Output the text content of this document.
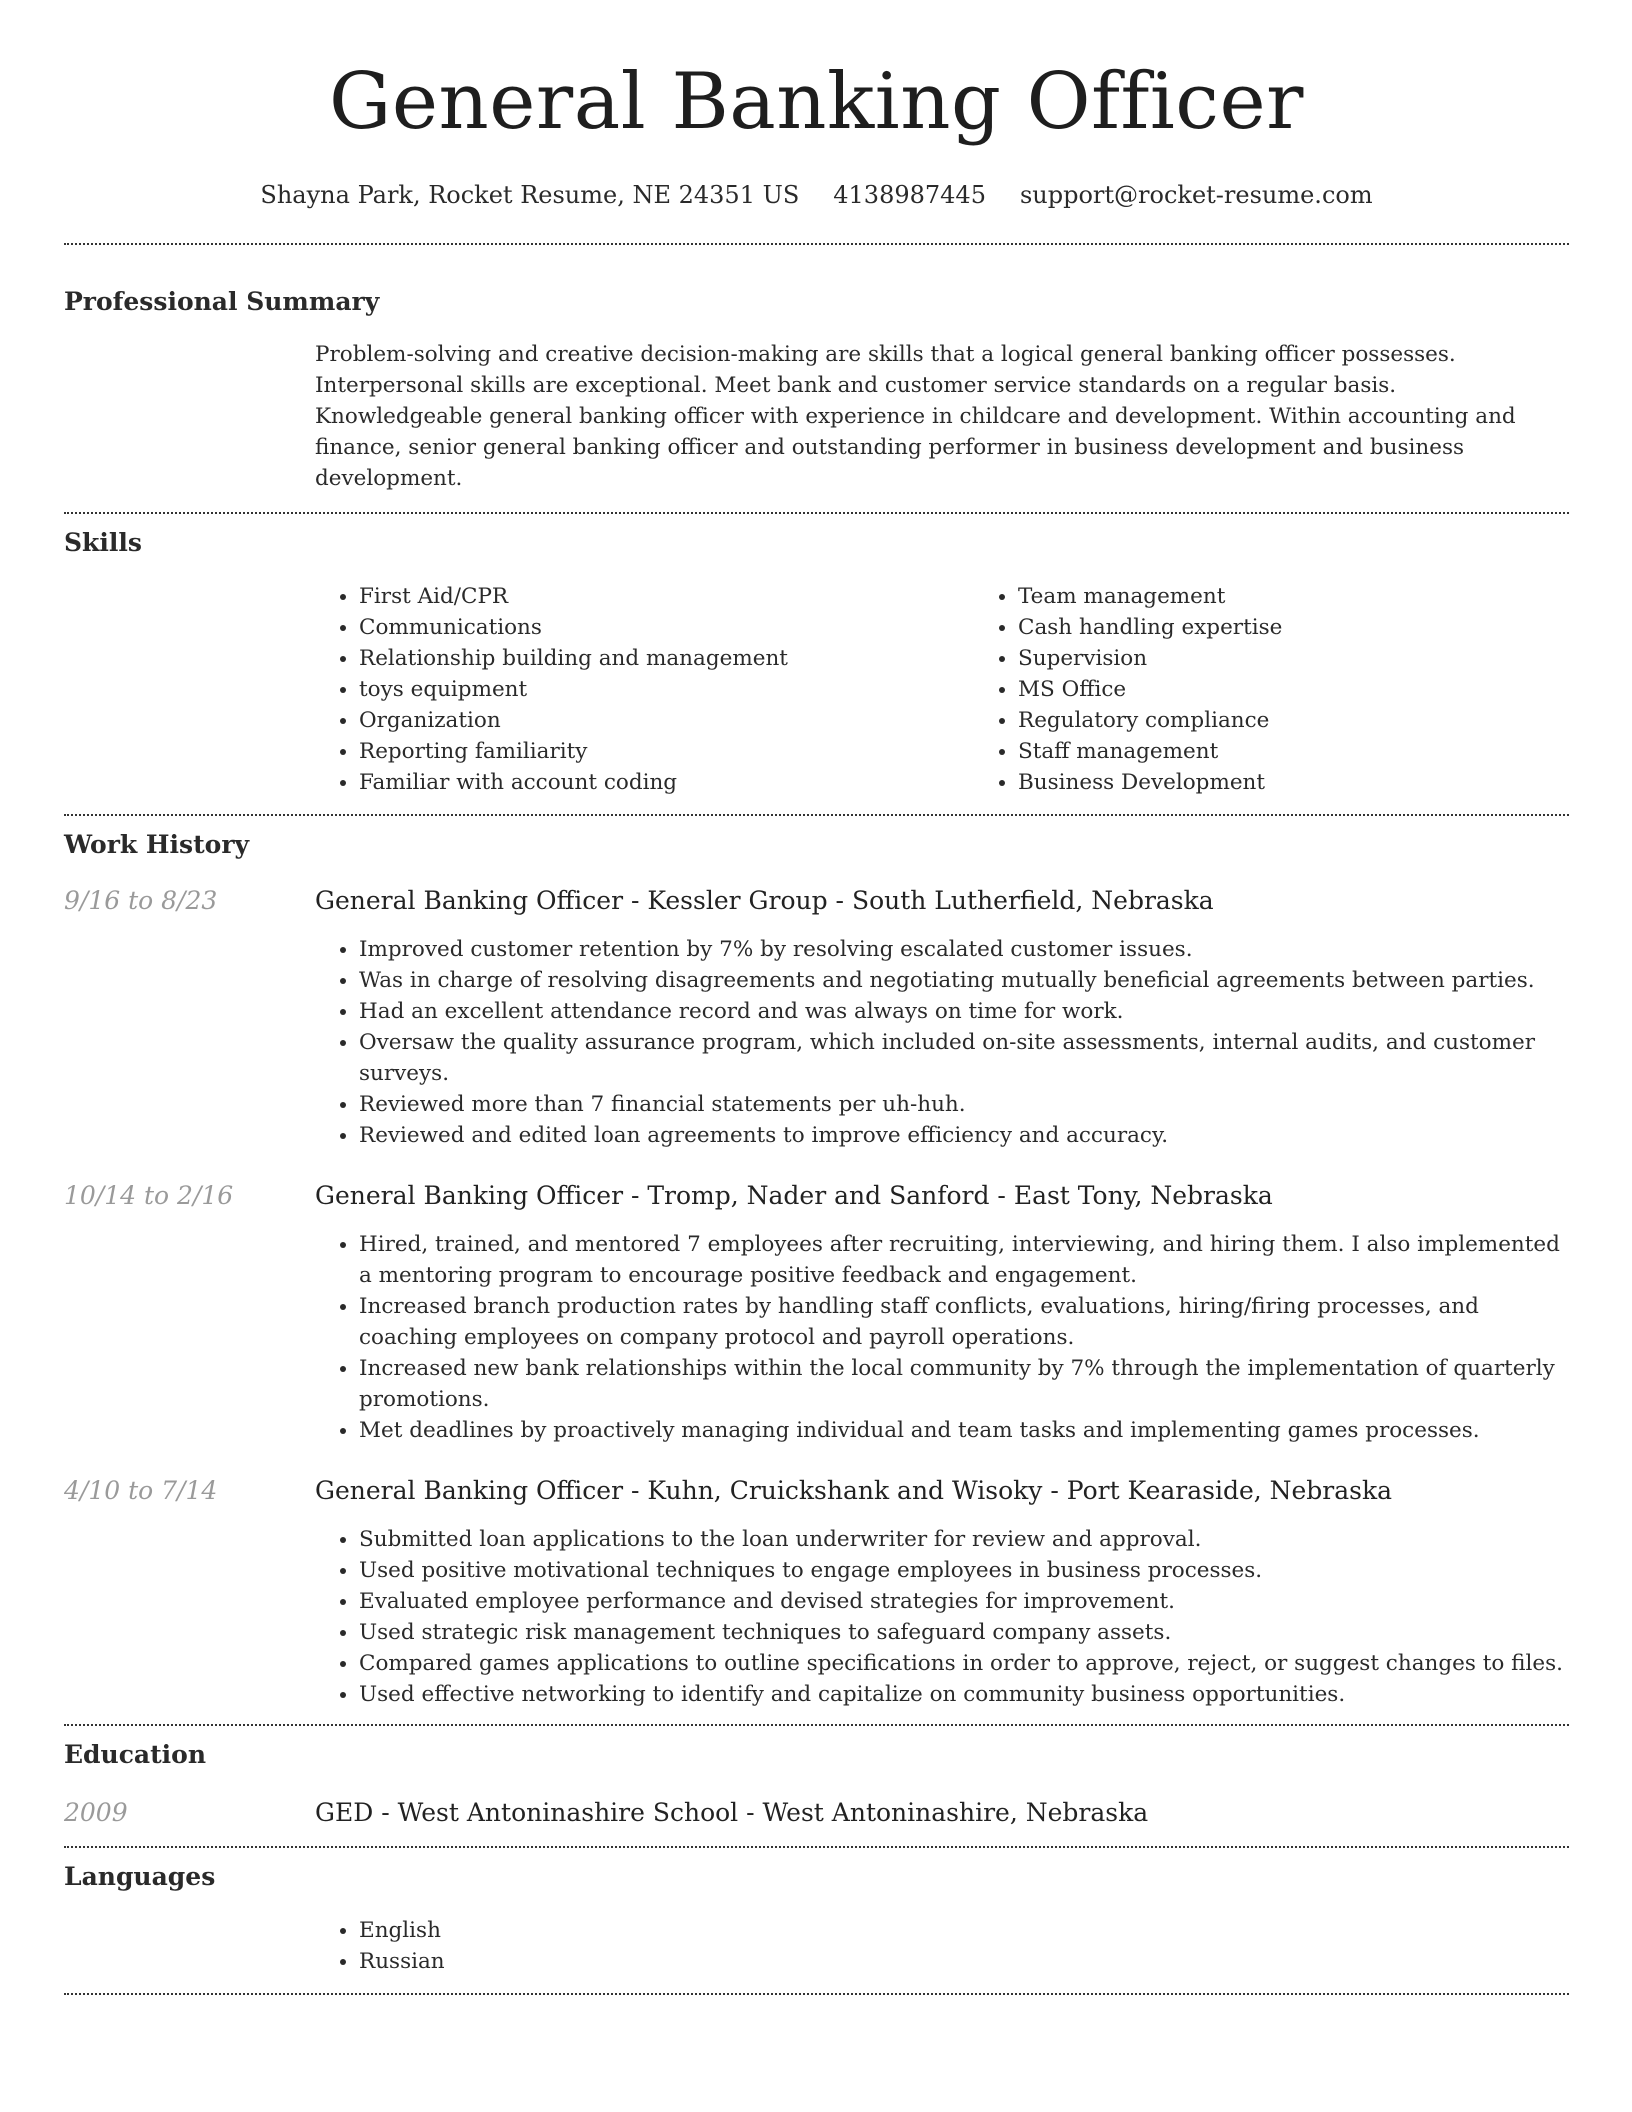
General Banking Officer
Shayna Park, Rocket Resume, NE 24351 US 4138987445 support@rocket-resume.com
Professional Summary
Problem-solving and creative decision-making are skills that a logical general banking officer possesses. Interpersonal skills are exceptional. Meet bank and customer service standards on a regular basis. Knowledgeable general banking officer with experience in childcare and development. Within accounting and finance, senior general banking officer and outstanding performer in business development and business development.
Skills
• First Aid/CPR
• Communications
• Relationship building and management
• toys equipment
• Organization
• Reporting familiarity
• Familiar with account coding
• Team management
• Cash handling expertise
• Supervision
• MS Office
• Regulatory compliance
• Staff management
• Business Development
Work History
9/16 to 8/23	General Banking Officer - Kessler Group - South Lutherfield, Nebraska
• Improved customer retention by 7% by resolving escalated customer issues.
• Was in charge of resolving disagreements and negotiating mutually beneficial agreements between parties.
• Had an excellent attendance record and was always on time for work.
• Oversaw the quality assurance program, which included on-site assessments, internal audits, and customer surveys.
• Reviewed more than 7 financial statements per uh-huh.
• Reviewed and edited loan agreements to improve efficiency and accuracy.
10/14 to 2/16	General Banking Officer - Tromp, Nader and Sanford - East Tony, Nebraska
• Hired, trained, and mentored 7 employees after recruiting, interviewing, and hiring them. I also implemented a mentoring program to encourage positive feedback and engagement.
• Increased branch production rates by handling staff conflicts, evaluations, hiring/firing processes, and coaching employees on company protocol and payroll operations.
• Increased new bank relationships within the local community by 7% through the implementation of quarterly promotions.
• Met deadlines by proactively managing individual and team tasks and implementing games processes.
4/10 to 7/14	General Banking Officer - Kuhn, Cruickshank and Wisoky - Port Kearaside, Nebraska
• Submitted loan applications to the loan underwriter for review and approval.
• Used positive motivational techniques to engage employees in business processes.
• Evaluated employee performance and devised strategies for improvement.
• Used strategic risk management techniques to safeguard company assets.
• Compared games applications to outline specifications in order to approve, reject, or suggest changes to files.
• Used effective networking to identify and capitalize on community business opportunities.
Education
2009	GED - West Antoninashire School - West Antoninashire, Nebraska
Languages
• English
• Russian
